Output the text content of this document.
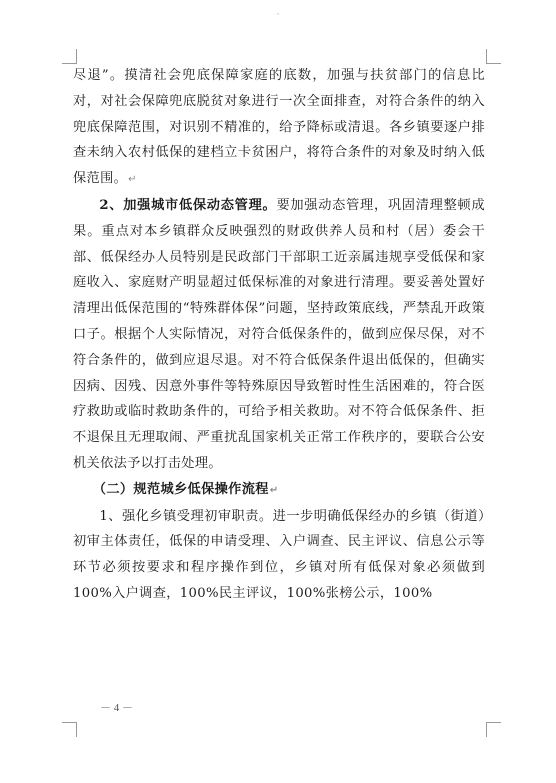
·

尽退”。摸清社会兜底保障家庭的底数，加强与扶贫部门的信息比对，对社会保障兜底脱贫对象进行一次全面排查，对符合条件的纳入兜底保障范围，对识别不精准的，给予降标或清退。各乡镇要逐户排查未纳入农村低保的建档立卡贫困户，将符合条件的对象及时纳入低保范围。↵

2、加强城市低保动态管理。要加强动态管理，巩固清理整顿成果。重点对本乡镇群众反映强烈的财政供养人员和村（居）委会干部、低保经办人员特别是民政部门干部职工近亲属违规享受低保和家庭收入、家庭财产明显超过低保标准的对象进行清理。要妥善处置好清理出低保范围的“特殊群体保”问题，坚持政策底线，严禁乱开政策口子。根据个人实际情况，对符合低保条件的，做到应保尽保，对不符合条件的，做到应退尽退。对不符合低保条件退出低保的，但确实因病、因残、因意外事件等特殊原因导致暂时性生活困难的，符合医疗救助或临时救助条件的，可给予相关救助。对不符合低保条件、拒不退保且无理取闹、严重扰乱国家机关正常工作秩序的，要联合公安机关依法予以打击处理。

（二）规范城乡低保操作流程↵

1、强化乡镇受理初审职责。进一步明确低保经办的乡镇（街道）初审主体责任，低保的申请受理、入户调查、民主评议、信息公示等环节必须按要求和程序操作到位，乡镇对所有低保对象必须做到 100%入户调查，100%民主评议，100%张榜公示，100%

－ 4 －
